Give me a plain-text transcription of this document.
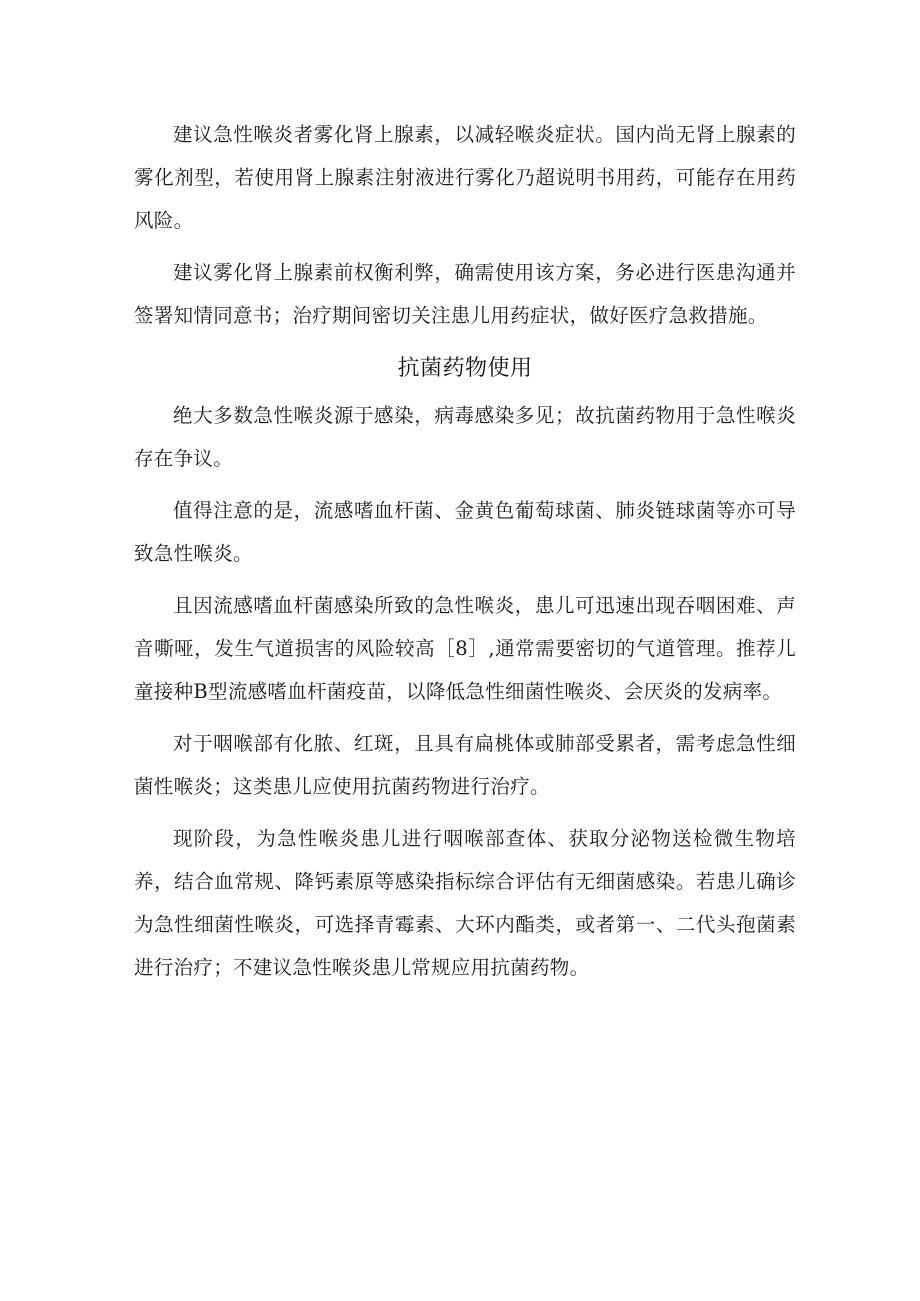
建议急性喉炎者雾化肾上腺素，以减轻喉炎症状。国内尚无肾上腺素的雾化剂型，若使用肾上腺素注射液进行雾化乃超说明书用药，可能存在用药风险。

建议雾化肾上腺素前权衡利弊，确需使用该方案，务必进行医患沟通并签署知情同意书；治疗期间密切关注患儿用药症状，做好医疗急救措施。

抗菌药物使用

绝大多数急性喉炎源于感染，病毒感染多见；故抗菌药物用于急性喉炎存在争议。

值得注意的是，流感嗜血杆菌、金黄色葡萄球菌、肺炎链球菌等亦可导致急性喉炎。

且因流感嗜血杆菌感染所致的急性喉炎，患儿可迅速出现吞咽困难、声音嘶哑，发生气道损害的风险较高［8］,通常需要密切的气道管理。推荐儿童接种B型流感嗜血杆菌疫苗，以降低急性细菌性喉炎、会厌炎的发病率。

对于咽喉部有化脓、红斑，且具有扁桃体或肺部受累者，需考虑急性细菌性喉炎；这类患儿应使用抗菌药物进行治疗。

现阶段，为急性喉炎患儿进行咽喉部查体、获取分泌物送检微生物培养，结合血常规、降钙素原等感染指标综合评估有无细菌感染。若患儿确诊为急性细菌性喉炎，可选择青霉素、大环内酯类，或者第一、二代头孢菌素进行治疗；不建议急性喉炎患儿常规应用抗菌药物。
